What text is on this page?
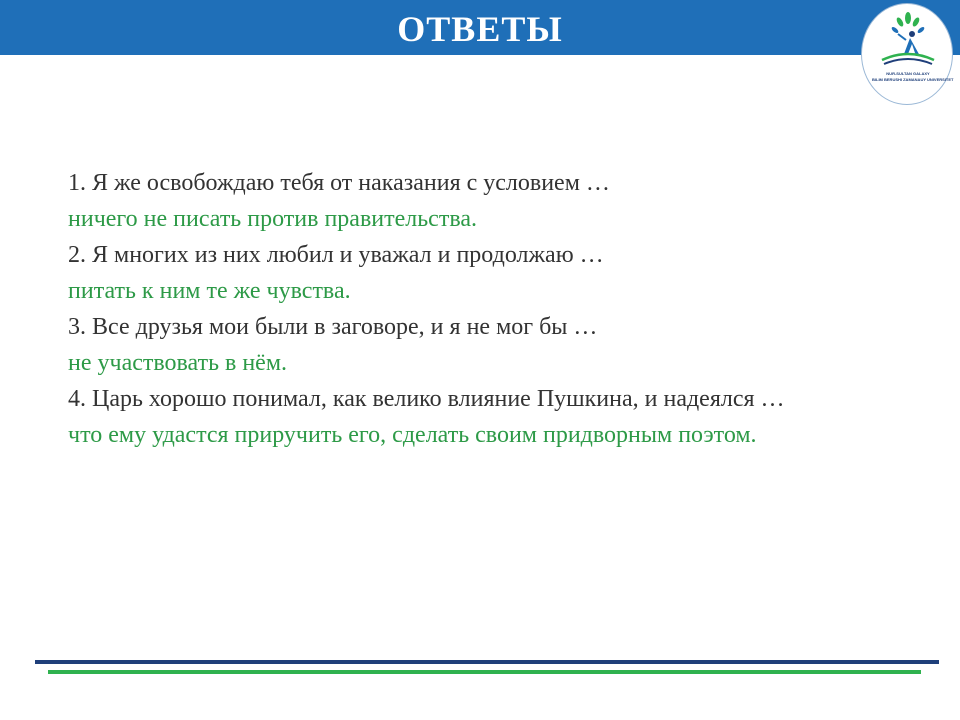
ОТВЕТЫ
NUR-SULTAN GALAXY
BILIM BERUSHI ZAMANAUY UNIVERSITET

1. Я же освобождаю тебя от наказания с условием …

ничего не писать против правительства.

2. Я многих из них любил и уважал и продолжаю …

питать к ним те же чувства.

3. Все друзья мои были в заговоре, и я не мог бы …

не участвовать в нём.

4. Царь хорошо понимал, как велико влияние Пушкина, и надеялся …

что ему удастся приручить его, сделать своим придворным поэтом.
